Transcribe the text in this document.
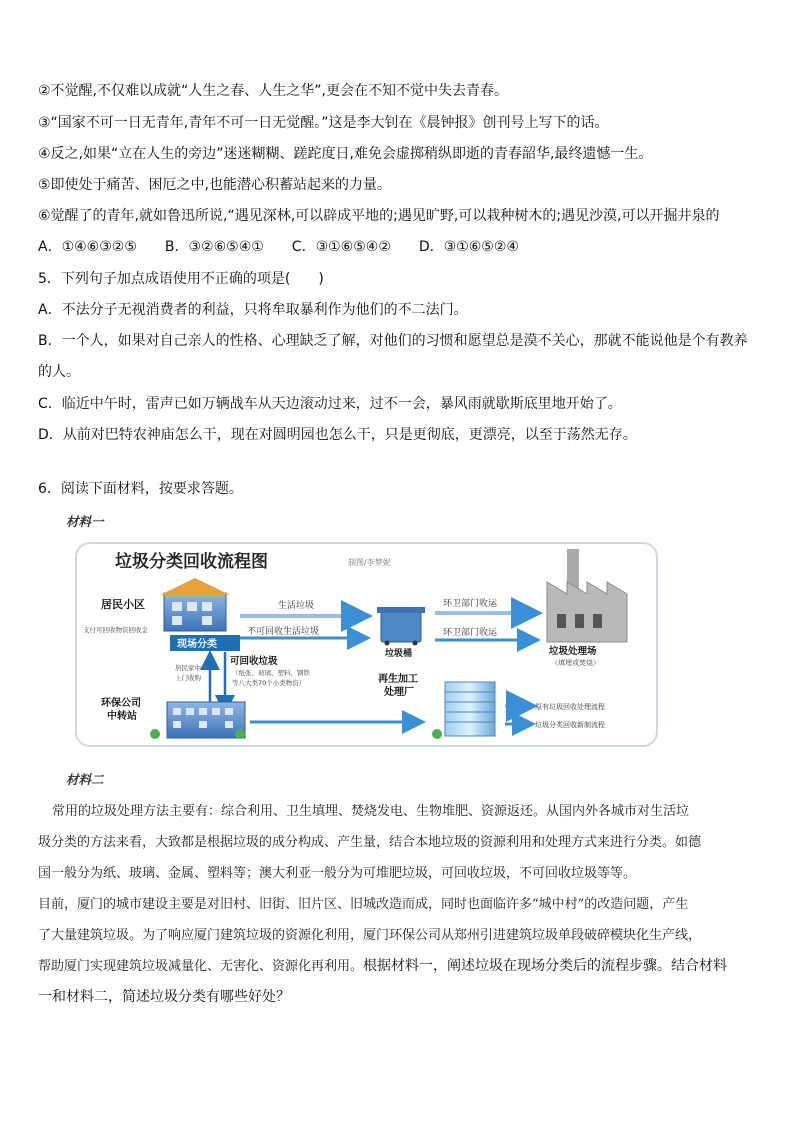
②不觉醒,不仅难以成就“人生之春、人生之华”,更会在不知不觉中失去青春。
③“国家不可一日无青年,青年不可一日无觉醒。”这是李大钊在《晨钟报》创刊号上写下的话。
④反之,如果“立在人生的旁边”迷迷糊糊、蹉跎度日,难免会虚掷稍纵即逝的青春韶华,最终遗憾一生。
⑤即使处于痛苦、困厄之中,也能潜心积蓄站起来的力量。
⑥觉醒了的青年,就如鲁迅所说,“遇见深林,可以辟成平地的;遇见旷野,可以栽种树木的;遇见沙漠,可以开掘井泉的
A．①④⑥③②⑤　　B．③②⑥⑤④①　　C．③①⑥⑤④②　　D．③①⑥⑤②④
5．下列句子加点成语使用不正确的项是(　　)
A．不法分子无视消费者的利益，只将牟取暴利作为他们的不二法门。
B．一个人，如果对自己亲人的性格、心理缺乏了解，对他们的习惯和愿望总是漠不关心，那就不能说他是个有教养
的人。
C．临近中午时，雷声已如万辆战车从天边滚动过来，过不一会，暴风雨就歇斯底里地开始了。
D．从前对巴特农神庙怎么干，现在对圆明园也怎么干，只是更彻底，更漂亮，以至于荡然无存。
6．阅读下面材料，按要求答题。
材料一
垃圾分类回收流程图	制图/李梦妮
居民小区
支付可回收物资回收金
现场分类
生活垃圾
不可回收生活垃圾
垃圾桶
环卫部门收运
环卫部门收运
垃圾处理场
（填埋或焚烧）
可回收垃圾
（纸张、玻璃、塑料、钢铁
等八大类70个小类物资）
居民家中
上门收购
环保公司
中转站
再生加工
处理厂
原有垃圾回收处理流程
垃圾分类回收新制流程
材料二
常用的垃圾处理方法主要有：综合利用、卫生填埋、焚烧发电、生物堆肥、资源返还。从国内外各城市对生活垃
圾分类的方法来看，大致都是根据垃圾的成分构成、产生量，结合本地垃圾的资源利用和处理方式来进行分类。如德
国一般分为纸、玻璃、金属、塑料等；澳大利亚一般分为可堆肥垃圾，可回收垃圾，不可回收垃圾等等。
目前，厦门的城市建设主要是对旧村、旧街、旧片区、旧城改造而成，同时也面临许多“城中村”的改造问题，产生
了大量建筑垃圾。为了响应厦门建筑垃圾的资源化利用，厦门环保公司从郑州引进建筑垃圾单段破碎模块化生产线，
帮助厦门实现建筑垃圾减量化、无害化、资源化再利用。根据材料一，阐述垃圾在现场分类后的流程步骤。结合材料
一和材料二，简述垃圾分类有哪些好处？
